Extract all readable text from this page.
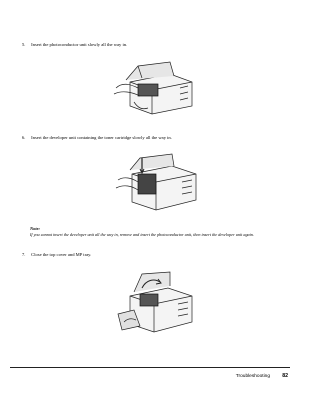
5. Insert the photoconductor unit slowly all the way in.
6. Insert the developer unit containing the toner cartridge slowly all the way in.
Note:
If you cannot insert the developer unit all the way in, remove and insert the photoconductor unit, then insert the developer unit again.
7. Close the top cover and MP tray.
Troubleshooting 82
